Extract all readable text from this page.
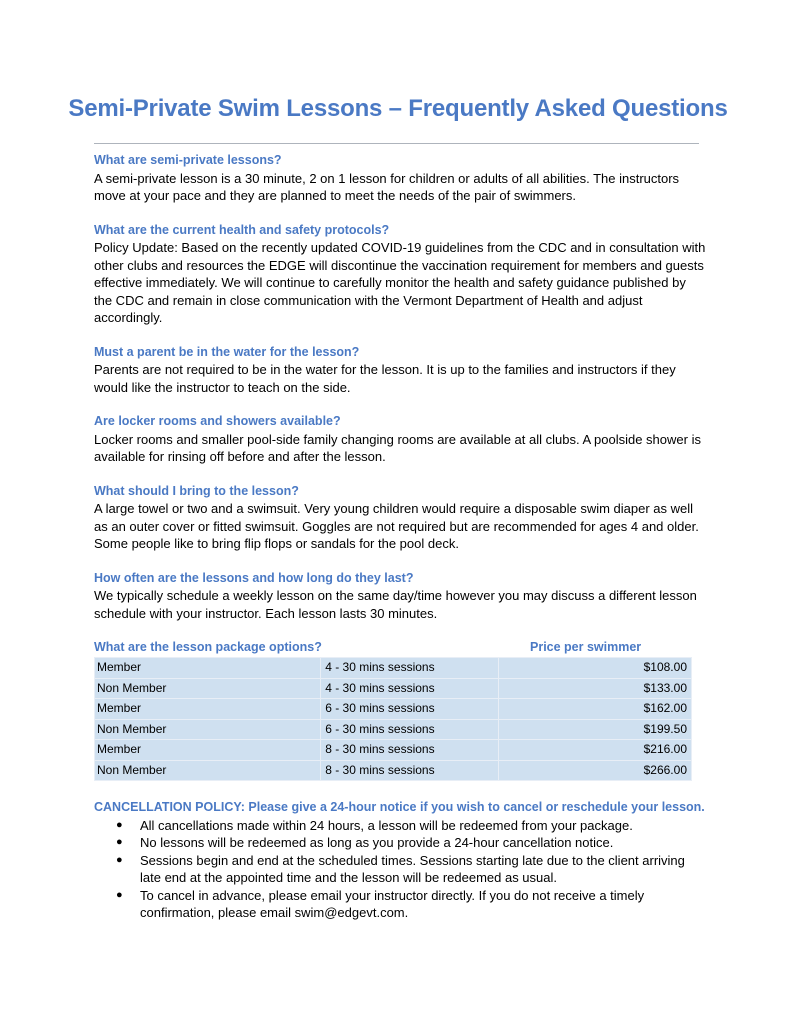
Semi-Private Swim Lessons – Frequently Asked Questions
What are semi-private lessons?
A semi-private lesson is a 30 minute, 2 on 1 lesson for children or adults of all abilities. The instructors move at your pace and they are planned to meet the needs of the pair of swimmers.
What are the current health and safety protocols?
Policy Update: Based on the recently updated COVID-19 guidelines from the CDC and in consultation with other clubs and resources the EDGE will discontinue the vaccination requirement for members and guests effective immediately. We will continue to carefully monitor the health and safety guidance published by the CDC and remain in close communication with the Vermont Department of Health and adjust accordingly.
Must a parent be in the water for the lesson?
Parents are not required to be in the water for the lesson. It is up to the families and instructors if they would like the instructor to teach on the side.
Are locker rooms and showers available?
Locker rooms and smaller pool-side family changing rooms are available at all clubs. A poolside shower is available for rinsing off before and after the lesson.
What should I bring to the lesson?
A large towel or two and a swimsuit. Very young children would require a disposable swim diaper as well as an outer cover or fitted swimsuit. Goggles are not required but are recommended for ages 4 and older. Some people like to bring flip flops or sandals for the pool deck.
How often are the lessons and how long do they last?
We typically schedule a weekly lesson on the same day/time however you may discuss a different lesson schedule with your instructor. Each lesson lasts 30 minutes.
What are the lesson package options?	Price per swimmer
Member	4 - 30 mins sessions	$108.00
Non Member	4 - 30 mins sessions	$133.00
Member	6 - 30 mins sessions	$162.00
Non Member	6 - 30 mins sessions	$199.50
Member	8 - 30 mins sessions	$216.00
Non Member	8 - 30 mins sessions	$266.00
CANCELLATION POLICY: Please give a 24-hour notice if you wish to cancel or reschedule your lesson.
● All cancellations made within 24 hours, a lesson will be redeemed from your package.
● No lessons will be redeemed as long as you provide a 24-hour cancellation notice.
● Sessions begin and end at the scheduled times. Sessions starting late due to the client arriving late end at the appointed time and the lesson will be redeemed as usual.
● To cancel in advance, please email your instructor directly. If you do not receive a timely confirmation, please email swim@edgevt.com.
